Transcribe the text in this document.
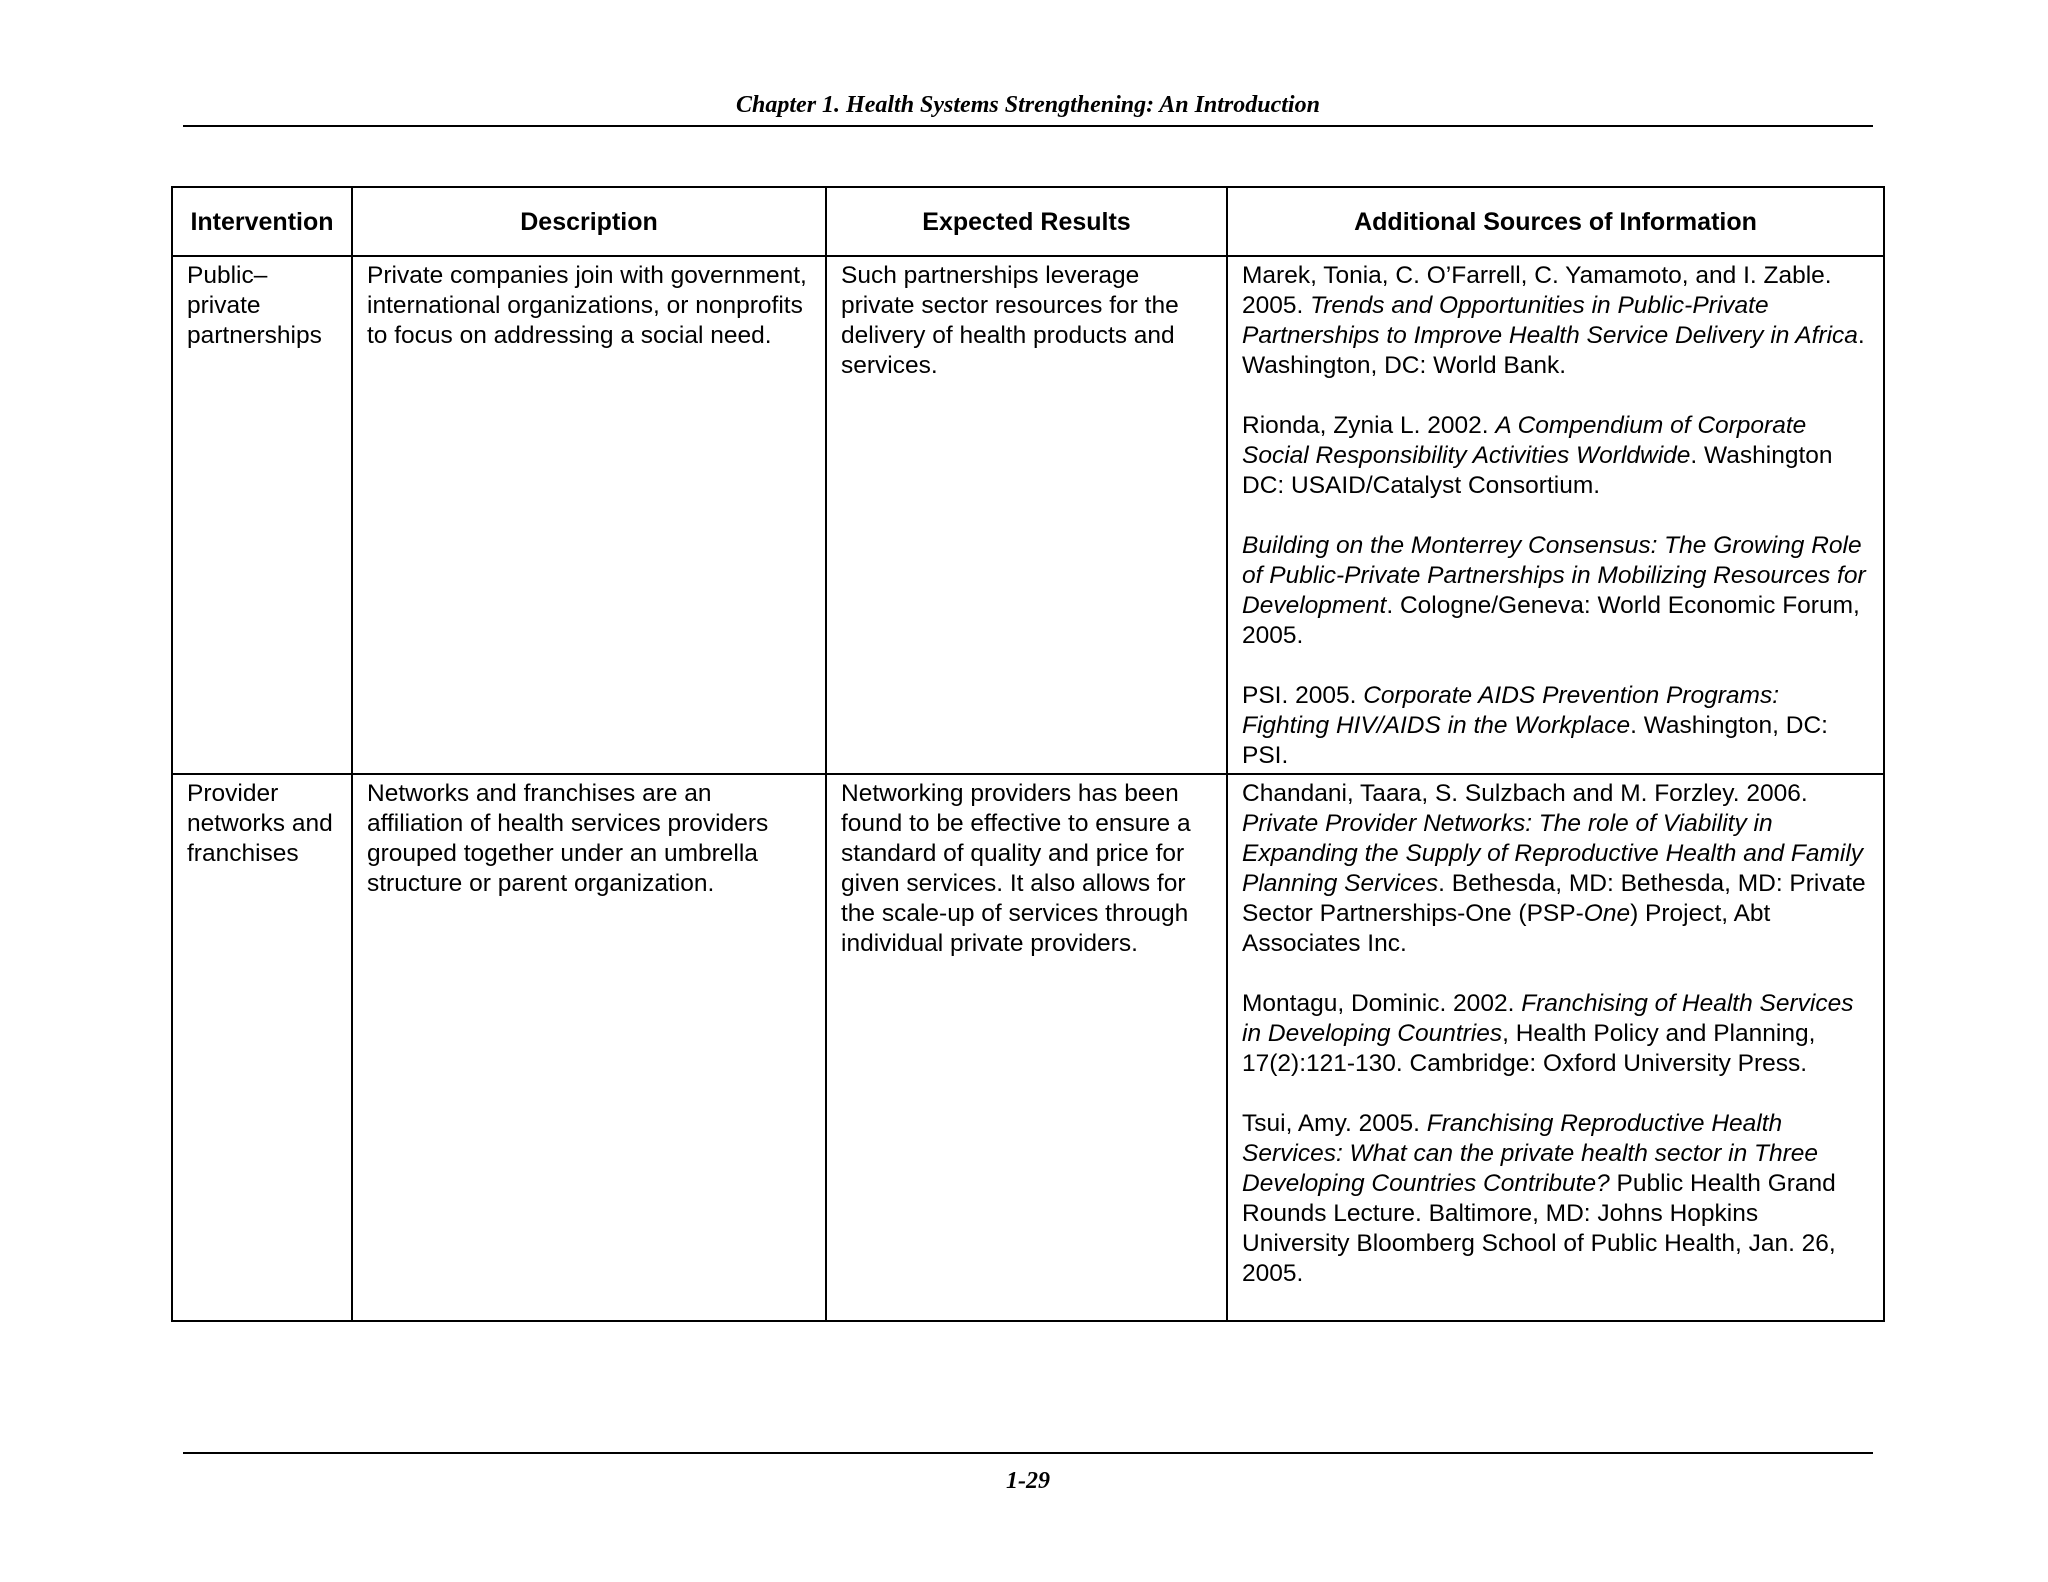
Chapter 1. Health Systems Strengthening: An Introduction
Intervention	Description	Expected Results	Additional Sources of Information
Public– private partnerships	Private companies join with government, international organizations, or nonprofits to focus on addressing a social need.	Such partnerships leverage private sector resources for the delivery of health products and services.	Marek, Tonia, C. O’Farrell, C. Yamamoto, and I. Zable. 2005. Trends and Opportunities in Public-Private Partnerships to Improve Health Service Delivery in Africa. Washington, DC: World Bank.

Rionda, Zynia L. 2002. A Compendium of Corporate Social Responsibility Activities Worldwide. Washington DC: USAID/Catalyst Consortium.

Building on the Monterrey Consensus: The Growing Role of Public-Private Partnerships in Mobilizing Resources for Development. Cologne/Geneva: World Economic Forum, 2005.

PSI. 2005. Corporate AIDS Prevention Programs: Fighting HIV/AIDS in the Workplace. Washington, DC: PSI.

Provider networks and franchises	Networks and franchises are an affiliation of health services providers grouped together under an umbrella structure or parent organization.	Networking providers has been found to be effective to ensure a standard of quality and price for given services. It also allows for the scale-up of services through individual private providers.	Chandani, Taara, S. Sulzbach and M. Forzley. 2006. Private Provider Networks: The role of Viability in Expanding the Supply of Reproductive Health and Family Planning Services. Bethesda, MD: Bethesda, MD: Private Sector Partnerships-One (PSP-One) Project, Abt Associates Inc.

Montagu, Dominic. 2002. Franchising of Health Services in Developing Countries, Health Policy and Planning, 17(2):121-130. Cambridge: Oxford University Press.

Tsui, Amy. 2005. Franchising Reproductive Health Services: What can the private health sector in Three Developing Countries Contribute? Public Health Grand Rounds Lecture. Baltimore, MD: Johns Hopkins University Bloomberg School of Public Health, Jan. 26, 2005.

1-29
